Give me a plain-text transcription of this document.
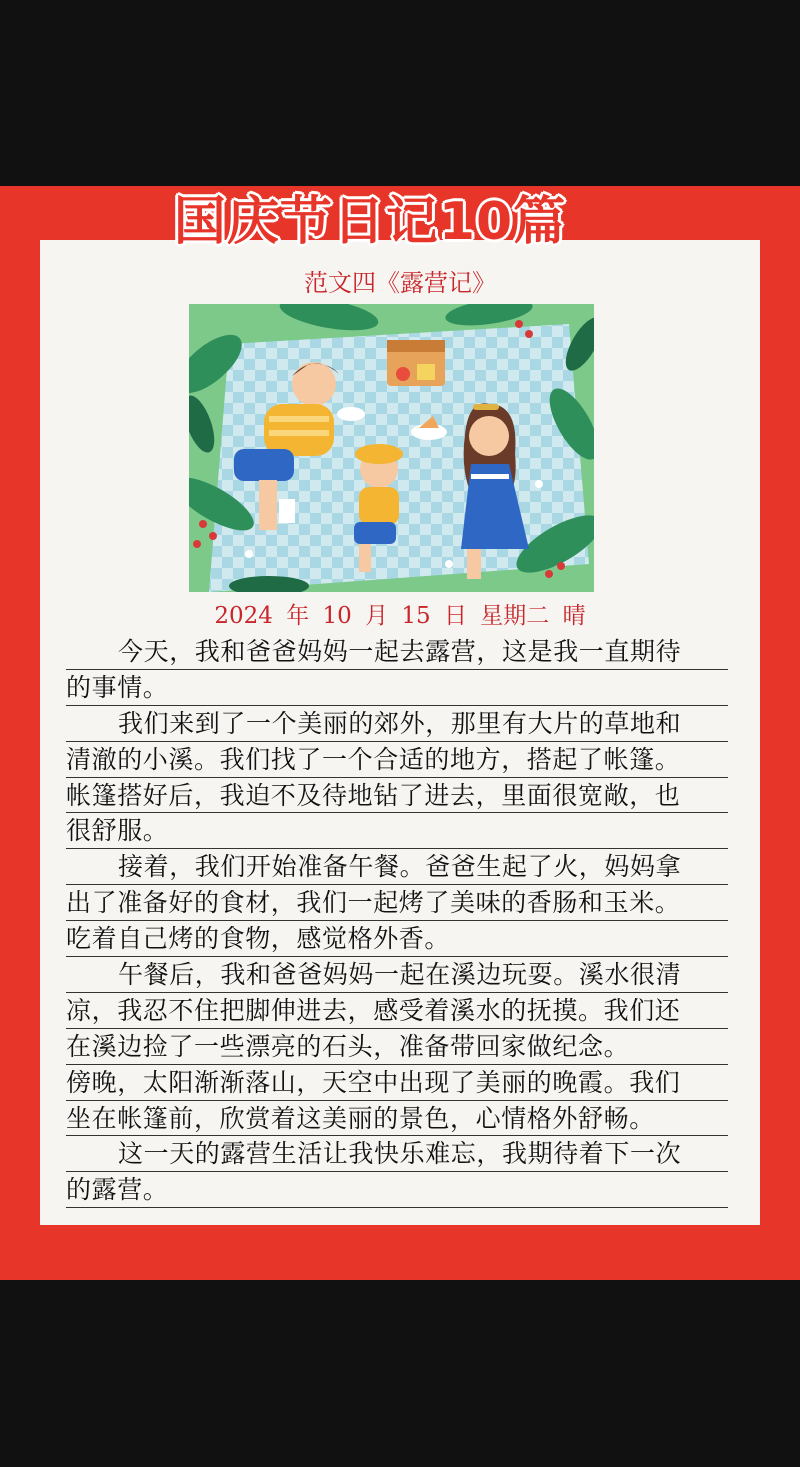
国庆节日记10篇
范文四《露营记》
2024 年 10 月 15 日 星期二 晴
今天，我和爸爸妈妈一起去露营，这是我一直期待
的事情。
我们来到了一个美丽的郊外，那里有大片的草地和
清澈的小溪。我们找了一个合适的地方，搭起了帐篷。
帐篷搭好后，我迫不及待地钻了进去，里面很宽敞，也
很舒服。
接着，我们开始准备午餐。爸爸生起了火，妈妈拿
出了准备好的食材，我们一起烤了美味的香肠和玉米。
吃着自己烤的食物，感觉格外香。
午餐后，我和爸爸妈妈一起在溪边玩耍。溪水很清
凉，我忍不住把脚伸进去，感受着溪水的抚摸。我们还
在溪边捡了一些漂亮的石头，准备带回家做纪念。
傍晚，太阳渐渐落山，天空中出现了美丽的晚霞。我们
坐在帐篷前，欣赏着这美丽的景色，心情格外舒畅。
这一天的露营生活让我快乐难忘，我期待着下一次
的露营。
